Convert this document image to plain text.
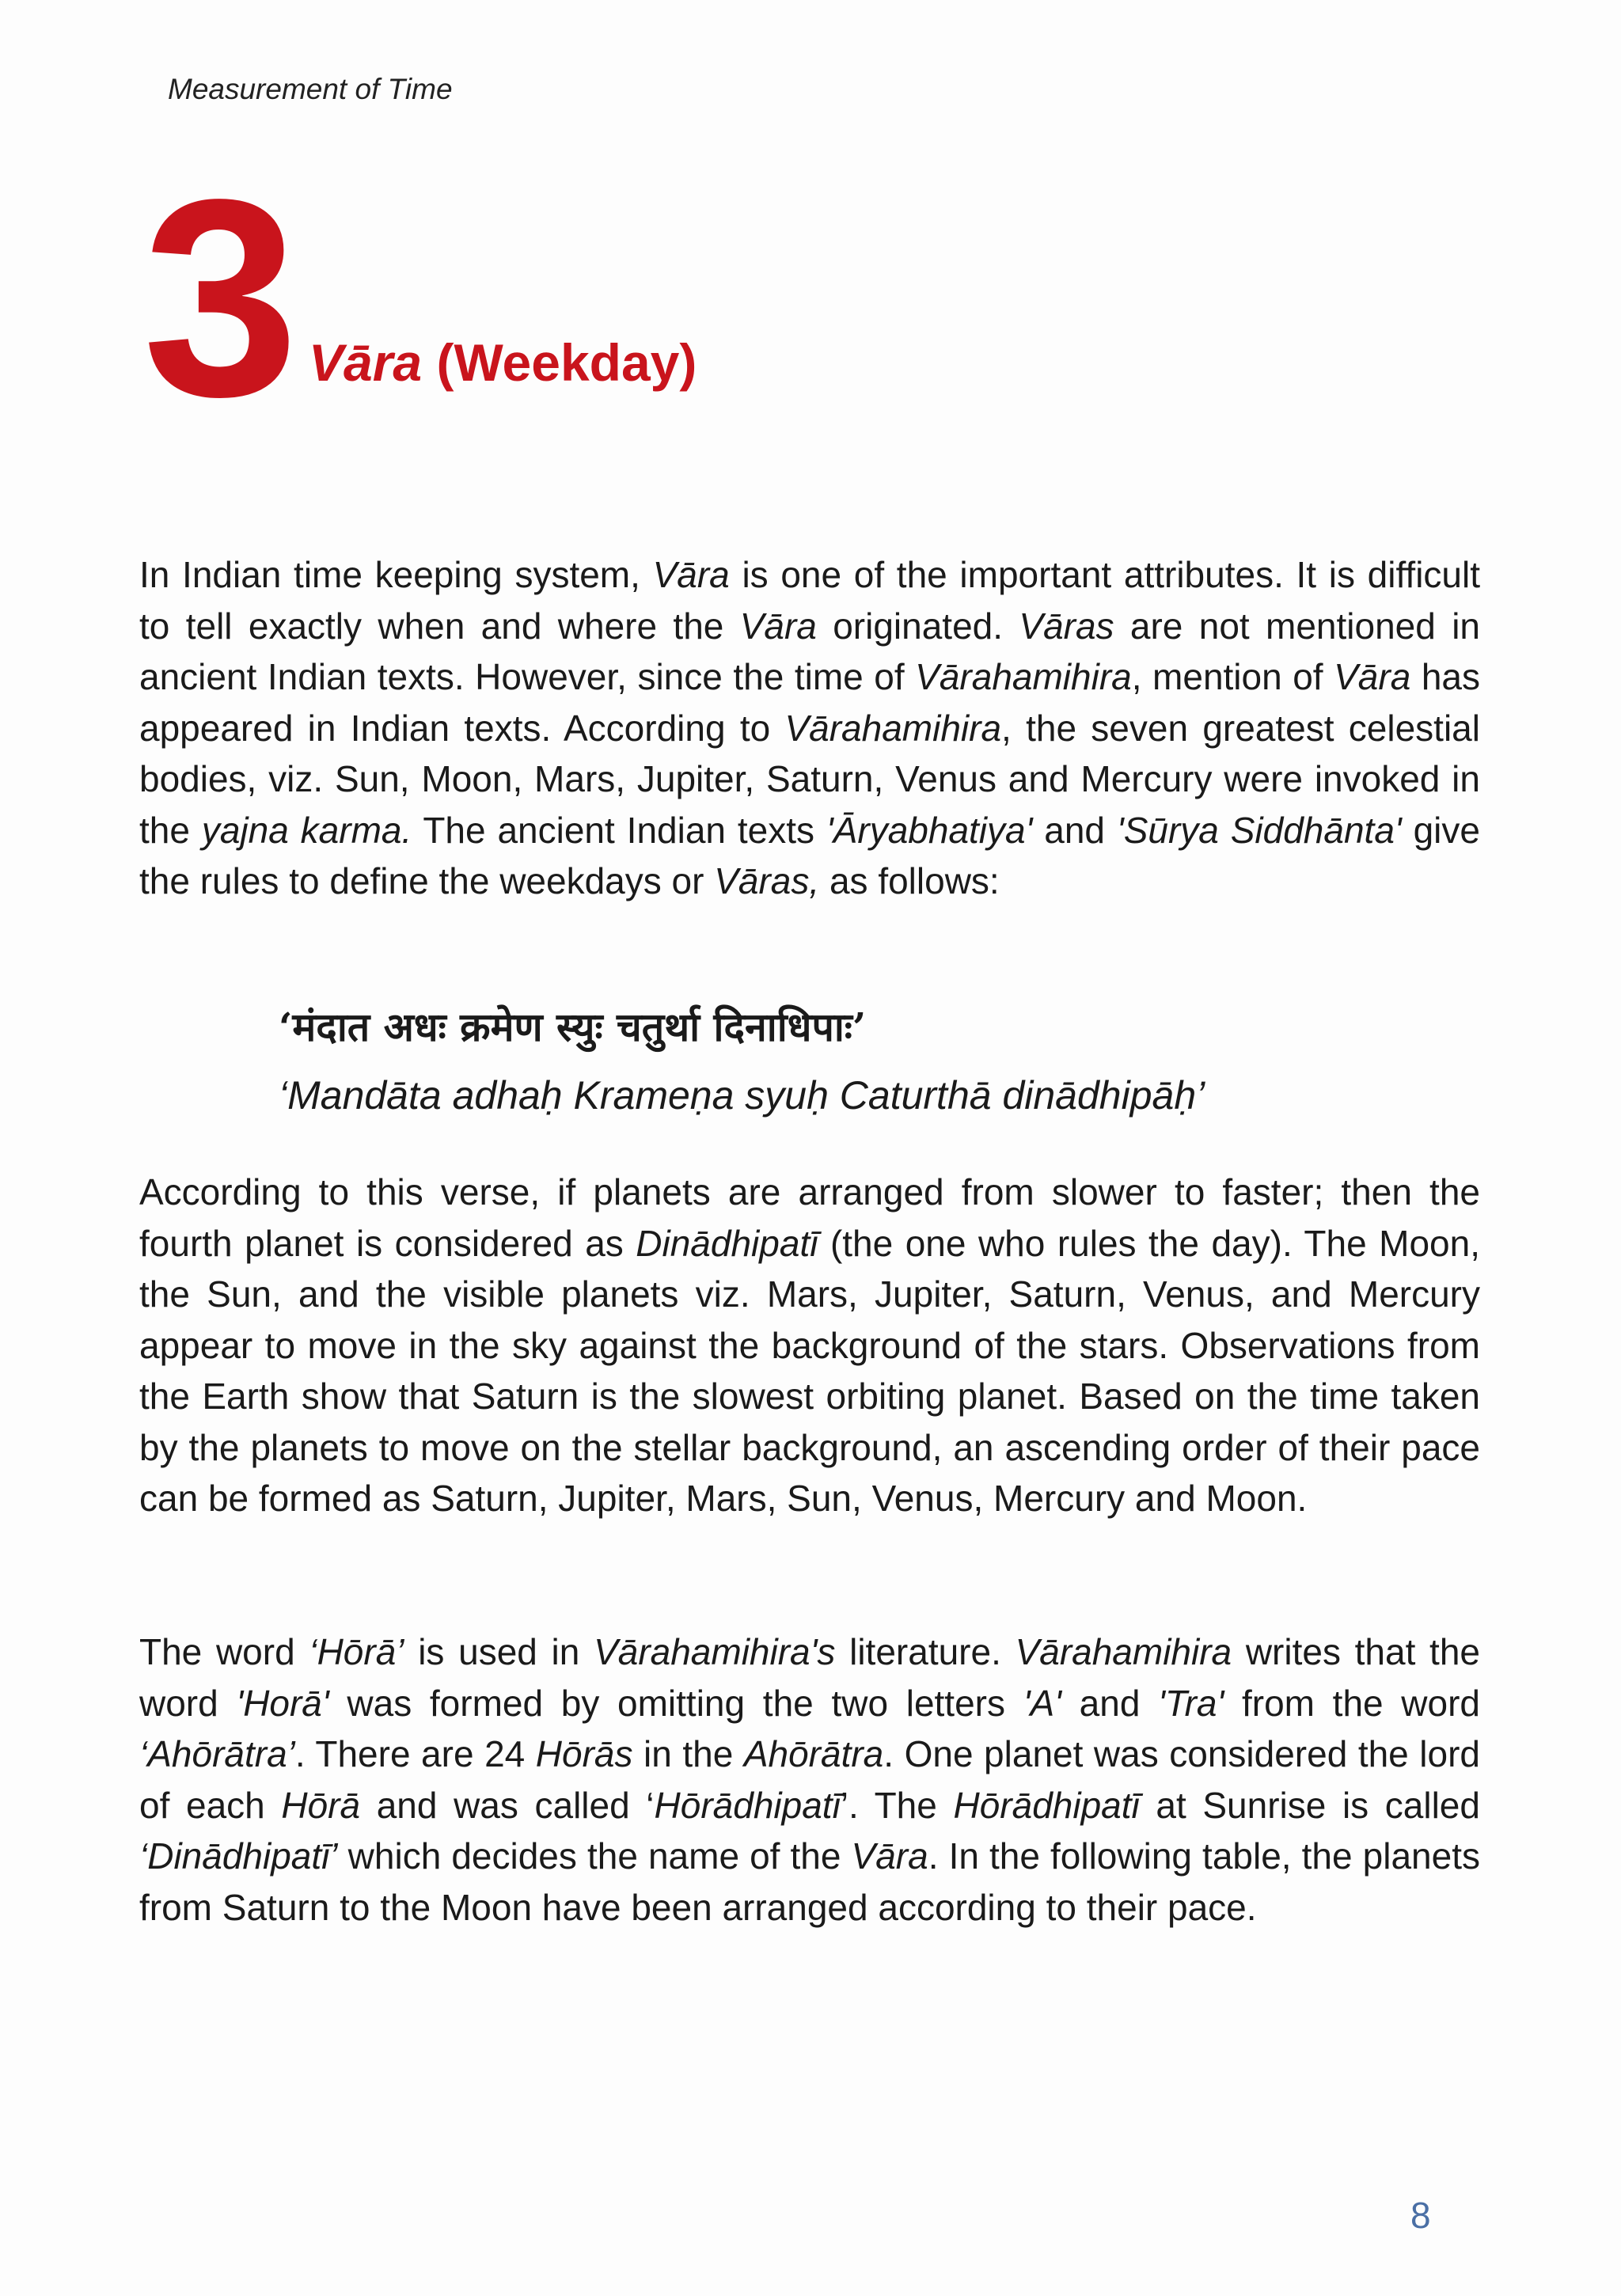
Measurement of Time
3 Vāra (Weekday)
In Indian time keeping system, Vāra is one of the important attributes. It is difficult to tell exactly when and where the Vāra originated. Vāras are not mentioned in ancient Indian texts. However, since the time of Vārahamihira, mention of Vāra has appeared in Indian texts. According to Vārahamihira, the seven greatest celestial bodies, viz. Sun, Moon, Mars, Jupiter, Saturn, Venus and Mercury were invoked in the yajna karma. The ancient Indian texts 'Āryabhatiya' and 'Sūrya Siddhānta' give the rules to define the weekdays or Vāras, as follows:
‘मंदात अधः क्रमेण स्युः चतुर्था दिनाधिपाः’
‘Mandāta adhaḥ Krameṇa syuḥ Caturthā dinādhipāḥ’
According to this verse, if planets are arranged from slower to faster; then the fourth planet is considered as Dinādhipatī (the one who rules the day). The Moon, the Sun, and the visible planets viz. Mars, Jupiter, Saturn, Venus, and Mercury appear to move in the sky against the background of the stars. Observations from the Earth show that Saturn is the slowest orbiting planet. Based on the time taken by the planets to move on the stellar background, an ascending order of their pace can be formed as Saturn, Jupiter, Mars, Sun, Venus, Mercury and Moon.
The word ‘Hōrā’ is used in Vārahamihira's literature. Vārahamihira writes that the word 'Horā' was formed by omitting the two letters 'A' and 'Tra' from the word ‘Ahōrātra’. There are 24 Hōrās in the Ahōrātra. One planet was considered the lord of each Hōrā and was called ‘Hōrādhipatī’. The Hōrādhipatī at Sunrise is called ‘Dinādhipatī’ which decides the name of the Vāra. In the following table, the planets from Saturn to the Moon have been arranged according to their pace.
8
